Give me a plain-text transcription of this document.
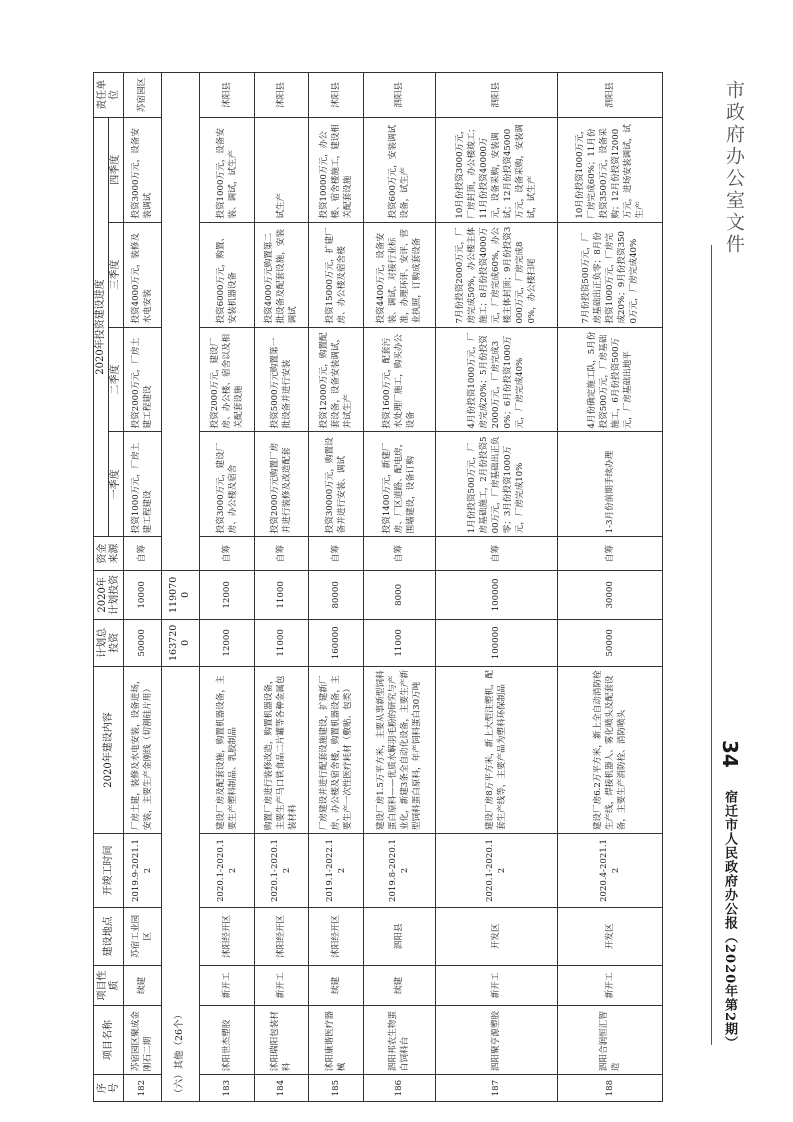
市政府办公室文件
34
宿迁市人民政府办公报（2020年第2期）
序号	项目名称	项目性质	建设地点	开竣工时间	2020年建设内容	计划总投资	2020年计划投资	资金来源	2020年投资建设进度				责任单位
									一季度	二季度	三季度	四季度	
182	苏宿园区聚成金刚石二期	续建	苏宿工业园区	2019.9-2021.12	厂房土建，装修及水电安装，设备进场，安装，主要生产金刚线（切割硅片用）	50000	10000	自筹	投资1000万元，厂房土建工程建设	投资2000万元，厂房土建工程建设	投资4000万元，装修及水电安装	投资3000万元，设备安装调试	苏宿园区
（六）其他（26个）						1637200	1190700						
183	沭阳世杰塑胶	新开工	沭阳经开区	2020.1-2020.12	建设厂房及配套设施，购置机器设备，主要生产塑料制品、乳胶制品	12000	12000	自筹	投资3000万元，建设厂房、办公楼及宿舍	投资2000万元，建设厂房、办公楼、宿舍以及相关配套设施	投资6000万元，购置、安装机器设备	投资1000万元，设备安装、调试，试生产	沭阳县
184	沭阳瑞阳包装材料	新开工	沭阳经开区	2020.1-2020.12	购置厂房进行装修改造，购置机器设备，主要生产马口铁食品二片罐等各种金属包装材料	11000	11000	自筹	投资2000万元购置厂房并进行装修及改造配套	投资5000万元购置第一批设备并进行安装	投资4000万元购置第二批设备及配套设施，安装调试	试生产	沭阳县
185	沭阳康谐医疗器械	续建	沭阳经开区	2019.1-2022.12	厂房建设并进行配套设施建设，扩建新厂房、办公楼及宿舍楼，购置机器设备，主要生产一次性医疗耗材（敷贴、包类）	160000	80000	自筹	投资30000万元，购置设备并进行安装、调试	投资12000万元，购置配套设备，设备安装调试，并试生产	投资15000万元，扩建厂房、办公楼及宿舍楼	投资10000万元，办公楼、宿舍楼施工，建设相关配套设施	沭阳县
186	泗阳邦农生物蛋白饲料台	续建	泗阳县	2019.8-2020.12	建设厂房1.5万平方米，主要从事新型饲料蛋白原料——优质水解羽毛粉的研究与产业化，新建3条全自动化设备，主要生产新型饲料蛋白原料，年产饲料蛋白30万吨	11000	8000	自筹	投资1400万元，新建厂房、厂区道路、配电房，围墙建设，设备订购	投资1600万元，配套污水处理厂施工，购买办公设备	投资4400万元，设备安装、调试、对接行业标准，办理环评、安评、营业执照，订购成套设备	投资600万元，安装调试设备，试生产	泗阳县
187	泗阳聚亨源塑胶	新开工	开发区	2020.1-2020.12	建设厂房8万平方米，新上大型注塑机，配套生产线等，主要产品为塑料环保制品	100000	100000	自筹	1月份投资500万元，厂房基础施工，2月份投资500万元，厂房基础出正负零；3月份投资1000万元，厂房完成10%	4月份投资1000万元，厂房完成20%；5月份投资2000万元，厂房完成30%；6月份投资1000万元，厂房完成40%	7月份投资2000万元，厂房完成50%，办公楼主体施工；8月份投资4000万元，厂房完成60%，办公楼主体封顶；9月份投资3000万元，厂房完成80%，办公楼扫尾	10月份投资3000万元，厂房封顶，办公楼竣工；11月份投资40000万元，设备采购，安装调试；12月份投资45000万元，设备采购，安装调试，试生产	泗阳县
188	泗阳合润恒汇智造	新开工	开发区	2020.4-2021.12	建设厂房6.2万平方米，新上全自动消防栓生产线，焊接机器人、雾化喷头及配套设备，主要生产消防栓、消防喷头	50000	30000	自筹	1-3月份前期手续办理	4月份确定施工队，5月份投资500万元，厂房基础施工，6月份投资500万元，厂房基础出地平	7月份投资500万元，厂房基础出正负零；8月份投资1000万元，厂房完成20%；9月份投资3500万元，厂房完成40%	10月份投资1000万元，厂房完成60%；11月份投资3500万元，设备采购；12月份投资12000万元，进场安装调试，试生产	泗阳县
